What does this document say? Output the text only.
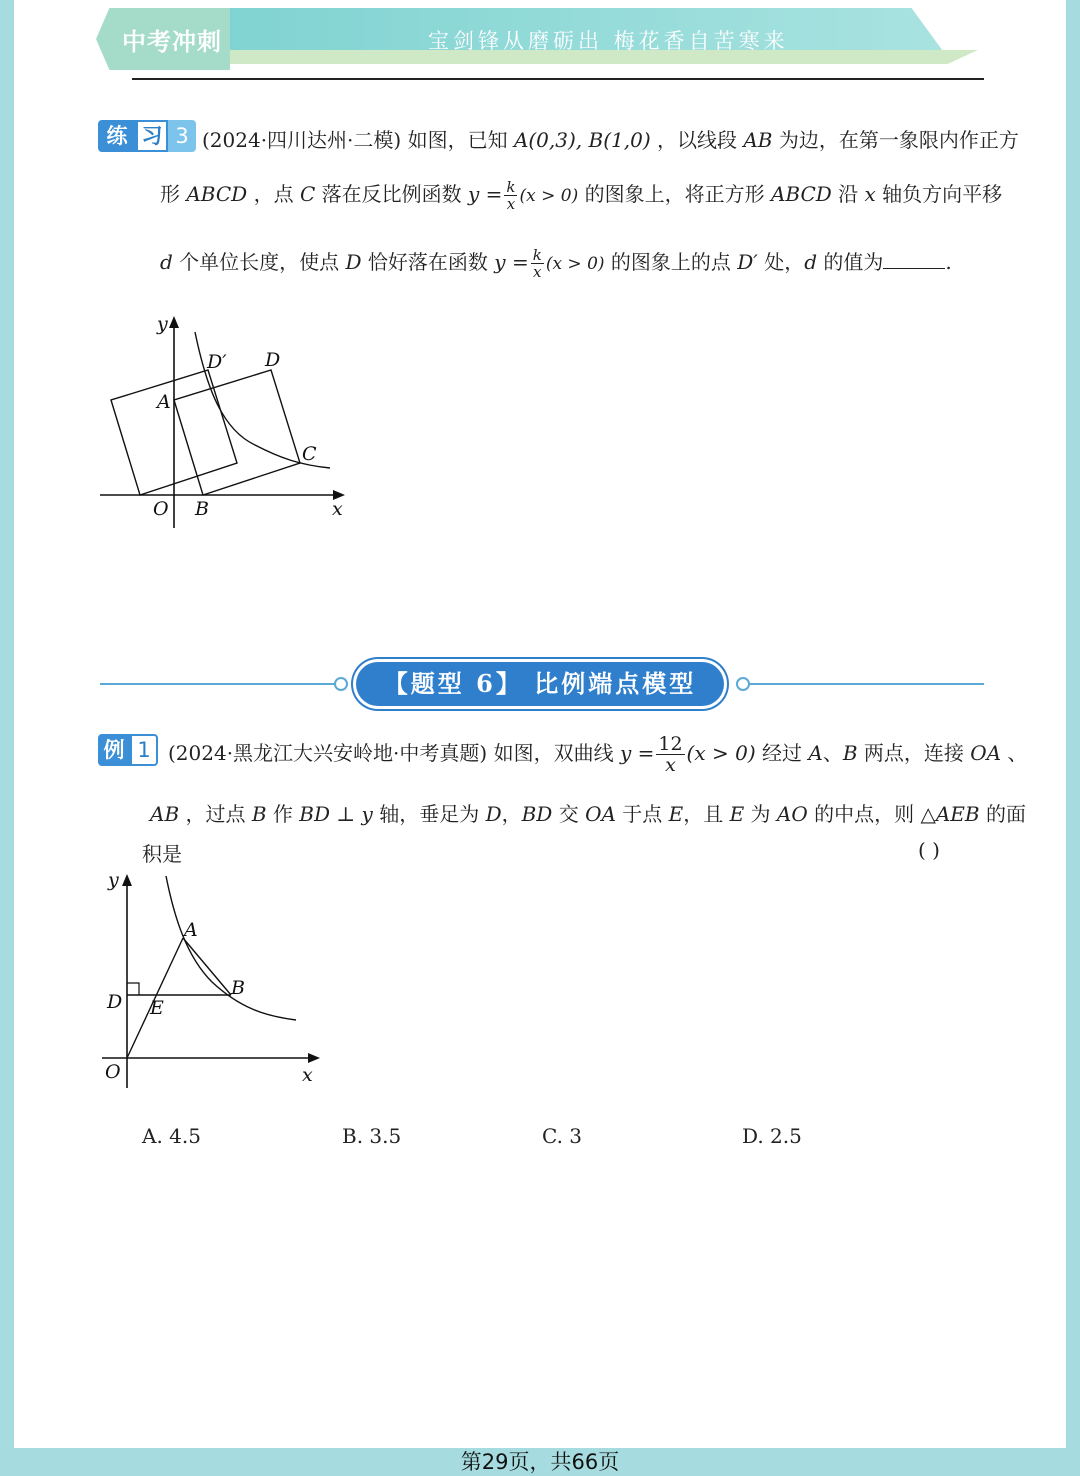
中考冲刺	宝剑锋从磨砺出 梅花香自苦寒来
练 习 3 (2024·四川达州·二模) 如图，已知 A(0,3), B(1,0) ，以线段 AB 为边，在第一象限内作正方
形 ABCD ，点 C 落在反比例函数 $y = \frac{k}{x} (x > 0)$ 的图象上，将正方形 ABCD 沿 x 轴负方向平移
d 个单位长度，使点 D 恰好落在函数 $y = \frac{k}{x} (x > 0)$ 的图象上的点 D′ 处，d 的值为	.
y
x
O
A
B
C
D
D′
【题型 6】 比例端点模型
例 1 (2024·黑龙江大兴安岭地·中考真题) 如图，双曲线 $y = \frac{12}{x} (x > 0)$ 经过 A、B 两点，连接 OA 、
AB ，过点 B 作 BD ⊥ y 轴，垂足为 D，BD 交 OA 于点 E，且 E 为 AO 的中点，则 △AEB 的面
积是	( )
y
x
O
A
B
D E
A. 4.5	B. 3.5	C. 3	D. 2.5
第29页，共66页
